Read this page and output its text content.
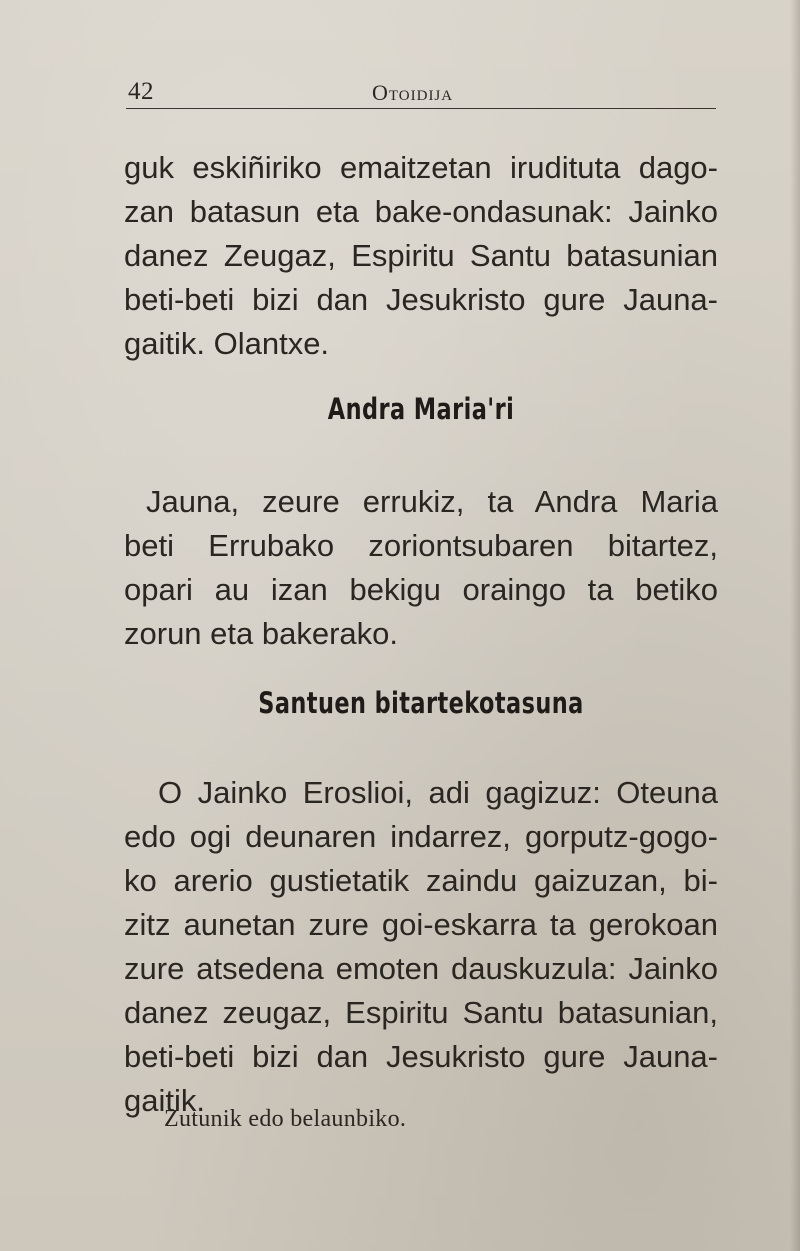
42	Otoidija
guk eskiñiriko emaitzetan irudituta dago-
zan batasun eta bake-ondasunak: Jainko
danez Zeugaz, Espiritu Santu batasunian
beti-beti bizi dan Jesukristo gure Jauna-
gaitik. Olantxe.
Andra Maria'ri
Jauna, zeure errukiz, ta Andra Maria
beti Errubako zoriontsubaren bitartez,
opari au izan bekigu oraingo ta betiko
zorun eta bakerako.
Santuen bitartekotasuna
O Jainko Eroslioi, adi gagizuz: Oteuna
edo ogi deunaren indarrez, gorputz-gogo-
ko arerio gustietatik zaindu gaizuzan, bi-
zitz aunetan zure goi-eskarra ta gerokoan
zure atsedena emoten dauskuzula: Jainko
danez zeugaz, Espiritu Santu batasunian,
beti-beti bizi dan Jesukristo gure Jauna-
gaitik.
Zutunik edo belaunbiko.
